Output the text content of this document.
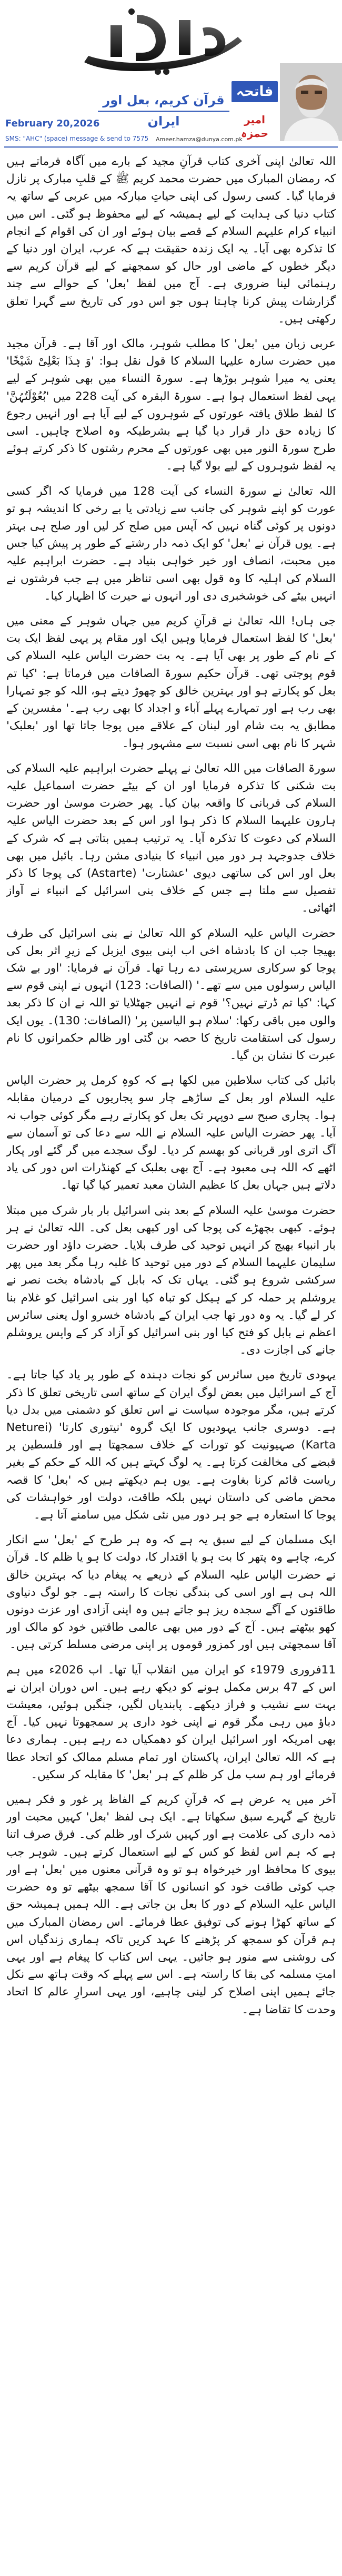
قرآن کریم، بعل اور ایران
فاتحہ
امیر حمزہ
February 20,2026
SMS: "AHC" (space) message & send to 7575 Ameer.hamza@dunya.com.pk

اللہ تعالیٰ اپنی آخری کتاب قرآنِ مجید کے بارے میں آگاہ فرماتے ہیں کہ رمضان المبارک میں حضرت محمد کریم ﷺ کے قلبِ مبارک پر نازل فرمایا گیا۔ کسی رسول کی اپنی حیاتِ مبارکہ میں عربی کے ساتھ یہ کتاب دنیا کی ہدایت کے لیے ہمیشہ کے لیے محفوظ ہو گئی۔ اس میں انبیاء کرام علیہم السلام کے قصے بیان ہوئے اور ان کی اقوام کے انجام کا تذکرہ بھی آیا۔ یہ ایک زندہ حقیقت ہے کہ عرب، ایران اور دنیا کے دیگر خطوں کے ماضی اور حال کو سمجھنے کے لیے قرآن کریم سے رہنمائی لینا ضروری ہے۔ آج میں لفظ 'بعل' کے حوالے سے چند گزارشات پیش کرنا چاہتا ہوں جو اس دور کی تاریخ سے گہرا تعلق رکھتی ہیں۔

عربی زبان میں 'بعل' کا مطلب شوہر، مالک اور آقا ہے۔ قرآن مجید میں حضرت سارہ علیہا السلام کا قول نقل ہوا: 'وَ ہٰذَا بَعْلِیْ شَیْخًا' یعنی یہ میرا شوہر بوڑھا ہے۔ سورۃ النساء میں بھی شوہر کے لیے یہی لفظ استعمال ہوا ہے۔ سورۃ البقرہ کی آیت 228 میں 'بُعُوْلَتُہُنَّ' کا لفظ طلاق یافتہ عورتوں کے شوہروں کے لیے آیا ہے اور انہیں رجوع کا زیادہ حق دار قرار دیا گیا ہے بشرطیکہ وہ اصلاح چاہیں۔ اسی طرح سورۃ النور میں بھی عورتوں کے محرم رشتوں کا ذکر کرتے ہوئے یہ لفظ شوہروں کے لیے بولا گیا ہے۔

اللہ تعالیٰ نے سورۃ النساء کی آیت 128 میں فرمایا کہ اگر کسی عورت کو اپنے شوہر کی جانب سے زیادتی یا بے رخی کا اندیشہ ہو تو دونوں پر کوئی گناہ نہیں کہ آپس میں صلح کر لیں اور صلح ہی بہتر ہے۔ یوں قرآن نے 'بعل' کو ایک ذمہ دار رشتے کے طور پر پیش کیا جس میں محبت، انصاف اور خیر خواہی بنیاد ہے۔ حضرت ابراہیم علیہ السلام کی اہلیہ کا وہ قول بھی اسی تناظر میں ہے جب فرشتوں نے انہیں بیٹے کی خوشخبری دی اور انہوں نے حیرت کا اظہار کیا۔

جی ہاں! اللہ تعالیٰ نے قرآنِ کریم میں جہاں شوہر کے معنی میں 'بعل' کا لفظ استعمال فرمایا وہیں ایک اور مقام پر یہی لفظ ایک بت کے نام کے طور پر بھی آیا ہے۔ یہ بت حضرت الیاس علیہ السلام کی قوم پوجتی تھی۔ قرآن حکیم سورۃ الصافات میں فرماتا ہے: 'کیا تم بعل کو پکارتے ہو اور بہترین خالق کو چھوڑ دیتے ہو، اللہ کو جو تمہارا بھی رب ہے اور تمہارے پہلے آباء و اجداد کا بھی رب ہے۔' مفسرین کے مطابق یہ بت شام اور لبنان کے علاقے میں پوجا جاتا تھا اور 'بعلبک' شہر کا نام بھی اسی نسبت سے مشہور ہوا۔

سورۃ الصافات میں اللہ تعالیٰ نے پہلے حضرت ابراہیم علیہ السلام کی بت شکنی کا تذکرہ فرمایا اور ان کے بیٹے حضرت اسماعیل علیہ السلام کی قربانی کا واقعہ بیان کیا۔ پھر حضرت موسیٰ اور حضرت ہارون علیہما السلام کا ذکر ہوا اور اس کے بعد حضرت الیاس علیہ السلام کی دعوت کا تذکرہ آیا۔ یہ ترتیب ہمیں بتاتی ہے کہ شرک کے خلاف جدوجہد ہر دور میں انبیاء کا بنیادی مشن رہا۔ بائبل میں بھی بعل اور اس کی ساتھی دیوی 'عشتارت' (Astarte) کی پوجا کا ذکر تفصیل سے ملتا ہے جس کے خلاف بنی اسرائیل کے انبیاء نے آواز اٹھائی۔

حضرت الیاس علیہ السلام کو اللہ تعالیٰ نے بنی اسرائیل کی طرف بھیجا جب ان کا بادشاہ اخی اب اپنی بیوی ایزبل کے زیرِ اثر بعل کی پوجا کو سرکاری سرپرستی دے رہا تھا۔ قرآن نے فرمایا: 'اور بے شک الیاس رسولوں میں سے تھے۔' (الصافات: 123) انہوں نے اپنی قوم سے کہا: 'کیا تم ڈرتے نہیں؟' قوم نے انہیں جھٹلایا تو اللہ نے ان کا ذکر بعد والوں میں باقی رکھا: 'سلام ہو الیاسین پر' (الصافات: 130)۔ یوں ایک رسول کی استقامت تاریخ کا حصہ بن گئی اور ظالم حکمرانوں کا نام عبرت کا نشان بن گیا۔

بائبل کی کتاب سلاطین میں لکھا ہے کہ کوہِ کرمل پر حضرت الیاس علیہ السلام اور بعل کے ساڑھے چار سو پجاریوں کے درمیان مقابلہ ہوا۔ پجاری صبح سے دوپہر تک بعل کو پکارتے رہے مگر کوئی جواب نہ آیا۔ پھر حضرت الیاس علیہ السلام نے اللہ سے دعا کی تو آسمان سے آگ اتری اور قربانی کو بھسم کر دیا۔ لوگ سجدے میں گر گئے اور پکار اٹھے کہ اللہ ہی معبود ہے۔ آج بھی بعلبک کے کھنڈرات اس دور کی یاد دلاتے ہیں جہاں بعل کا عظیم الشان معبد تعمیر کیا گیا تھا۔

حضرت موسیٰ علیہ السلام کے بعد بنی اسرائیل بار بار شرک میں مبتلا ہوئے۔ کبھی بچھڑے کی پوجا کی اور کبھی بعل کی۔ اللہ تعالیٰ نے ہر بار انبیاء بھیج کر انہیں توحید کی طرف بلایا۔ حضرت داؤد اور حضرت سلیمان علیہما السلام کے دور میں توحید کا غلبہ رہا مگر بعد میں پھر سرکشی شروع ہو گئی۔ یہاں تک کہ بابل کے بادشاہ بخت نصر نے یروشلم پر حملہ کر کے ہیکل کو تباہ کیا اور بنی اسرائیل کو غلام بنا کر لے گیا۔ یہ وہ دور تھا جب ایران کے بادشاہ خسرو اول یعنی سائرس اعظم نے بابل کو فتح کیا اور بنی اسرائیل کو آزاد کر کے واپس یروشلم جانے کی اجازت دی۔

یہودی تاریخ میں سائرس کو نجات دہندہ کے طور پر یاد کیا جاتا ہے۔ آج کے اسرائیل میں بعض لوگ ایران کے ساتھ اسی تاریخی تعلق کا ذکر کرتے ہیں، مگر موجودہ سیاست نے اس تعلق کو دشمنی میں بدل دیا ہے۔ دوسری جانب یہودیوں کا ایک گروہ 'نیتوری کارتا' (Neturei Karta) صہیونیت کو تورات کے خلاف سمجھتا ہے اور فلسطین پر قبضے کی مخالفت کرتا ہے۔ یہ لوگ کہتے ہیں کہ اللہ کے حکم کے بغیر ریاست قائم کرنا بغاوت ہے۔ یوں ہم دیکھتے ہیں کہ 'بعل' کا قصہ محض ماضی کی داستان نہیں بلکہ طاقت، دولت اور خواہشات کی پوجا کا استعارہ ہے جو ہر دور میں نئی شکل میں سامنے آتا ہے۔

ایک مسلمان کے لیے سبق یہ ہے کہ وہ ہر طرح کے 'بعل' سے انکار کرے، چاہے وہ پتھر کا بت ہو یا اقتدار کا، دولت کا ہو یا ظلم کا۔ قرآن نے حضرت الیاس علیہ السلام کے ذریعے یہ پیغام دیا کہ بہترین خالق اللہ ہی ہے اور اسی کی بندگی نجات کا راستہ ہے۔ جو لوگ دنیاوی طاقتوں کے آگے سجدہ ریز ہو جاتے ہیں وہ اپنی آزادی اور عزت دونوں کھو بیٹھتے ہیں۔ آج کے دور میں بھی عالمی طاقتیں خود کو مالک اور آقا سمجھتی ہیں اور کمزور قوموں پر اپنی مرضی مسلط کرتی ہیں۔

11فروری 1979ء کو ایران میں انقلاب آیا تھا۔ اب 2026ء میں ہم اس کے 47 برس مکمل ہونے کو دیکھ رہے ہیں۔ اس دوران ایران نے بہت سے نشیب و فراز دیکھے۔ پابندیاں لگیں، جنگیں ہوئیں، معیشت دباؤ میں رہی مگر قوم نے اپنی خود داری پر سمجھوتا نہیں کیا۔ آج بھی امریکہ اور اسرائیل ایران کو دھمکیاں دے رہے ہیں۔ ہماری دعا ہے کہ اللہ تعالیٰ ایران، پاکستان اور تمام مسلم ممالک کو اتحاد عطا فرمائے اور ہم سب مل کر ظلم کے ہر 'بعل' کا مقابلہ کر سکیں۔

آخر میں یہ عرض ہے کہ قرآنِ کریم کے الفاظ پر غور و فکر ہمیں تاریخ کے گہرے سبق سکھاتا ہے۔ ایک ہی لفظ 'بعل' کہیں محبت اور ذمہ داری کی علامت ہے اور کہیں شرک اور ظلم کی۔ فرق صرف اتنا ہے کہ ہم اس لفظ کو کس کے لیے استعمال کرتے ہیں۔ شوہر جب بیوی کا محافظ اور خیرخواہ ہو تو وہ قرآنی معنوں میں 'بعل' ہے اور جب کوئی طاقت خود کو انسانوں کا آقا سمجھ بیٹھے تو وہ حضرت الیاس علیہ السلام کے دور کا بعل بن جاتی ہے۔ اللہ ہمیں ہمیشہ حق کے ساتھ کھڑا ہونے کی توفیق عطا فرمائے۔ اس رمضان المبارک میں ہم قرآن کو سمجھ کر پڑھنے کا عہد کریں تاکہ ہماری زندگیاں اس کی روشنی سے منور ہو جائیں۔ یہی اس کتاب کا پیغام ہے اور یہی امتِ مسلمہ کی بقا کا راستہ ہے۔ اس سے پہلے کہ وقت ہاتھ سے نکل جائے ہمیں اپنی اصلاح کر لینی چاہیے، اور یہی اسرارِ عالم کا اتحاد وحدت کا تقاضا ہے۔
